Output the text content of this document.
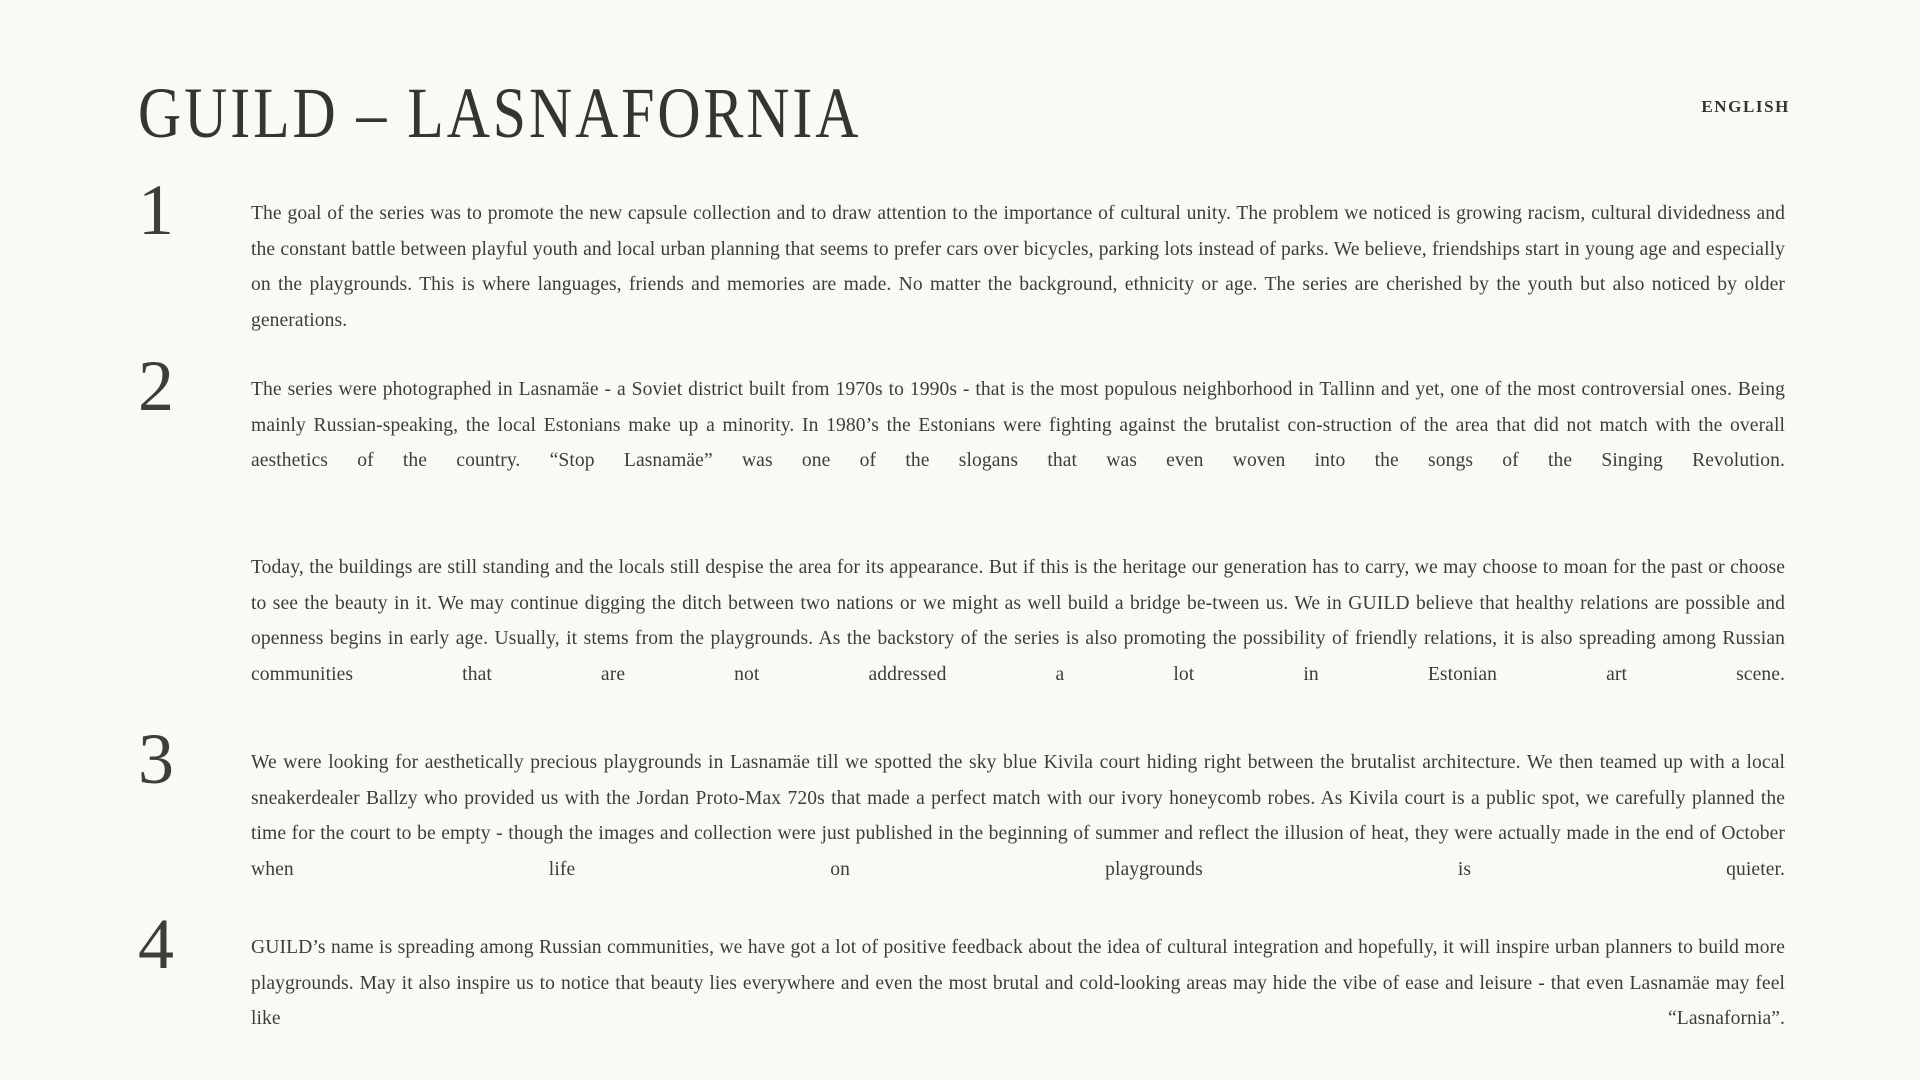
GUILD – LASNAFORNIA	ENGLISH
1	The goal of the series was to promote the new capsule collection and to draw attention to the importance of cultural unity. The problem we noticed is growing racism, cultural dividedness and the constant battle between playful youth and local urban planning that seems to prefer cars over bicycles, parking lots instead of parks. We believe, friendships start in young age and especially on the playgrounds. This is where languages, friends and memories are made. No matter the background, ethnicity or age. The series are cherished by the youth but also noticed by older generations.

2	The series were photographed in Lasnamäe - a Soviet district built from 1970s to 1990s - that is the most populous neighborhood in Tallinn and yet, one of the most controversial ones. Being mainly Russian-speaking, the local Estonians make up a minority. In 1980’s the Estonians were fighting against the brutalist con-struction of the area that did not match with the overall aesthetics of the country. “Stop Lasnamäe” was one of the slogans that was even woven into the songs of the Singing Revolution.

Today, the buildings are still standing and the locals still despise the area for its appearance. But if this is the heritage our generation has to carry, we may choose to moan for the past or choose to see the beauty in it. We may continue digging the ditch between two nations or we might as well build a bridge be-tween us. We in GUILD believe that healthy relations are possible and openness begins in early age. Usually, it stems from the playgrounds. As the backstory of the series is also promoting the possibility of friendly relations, it is also spreading among Russian communities that are not addressed a lot in Estonian art scene.

3	We were looking for aesthetically precious playgrounds in Lasnamäe till we spotted the sky blue Kivila court hiding right between the brutalist architecture. We then teamed up with a local sneakerdealer Ballzy who provided us with the Jordan Proto-Max 720s that made a perfect match with our ivory honeycomb robes. As Kivila court is a public spot, we carefully planned the time for the court to be empty - though the images and collection were just published in the beginning of summer and reflect the illusion of heat, they were actually made in the end of October when life on playgrounds is quieter.

4	GUILD’s name is spreading among Russian communities, we have got a lot of positive feedback about the idea of cultural integration and hopefully, it will inspire urban planners to build more playgrounds. May it also inspire us to notice that beauty lies everywhere and even the most brutal and cold-looking areas may hide the vibe of ease and leisure - that even Lasnamäe may feel like “Lasnafornia”.
